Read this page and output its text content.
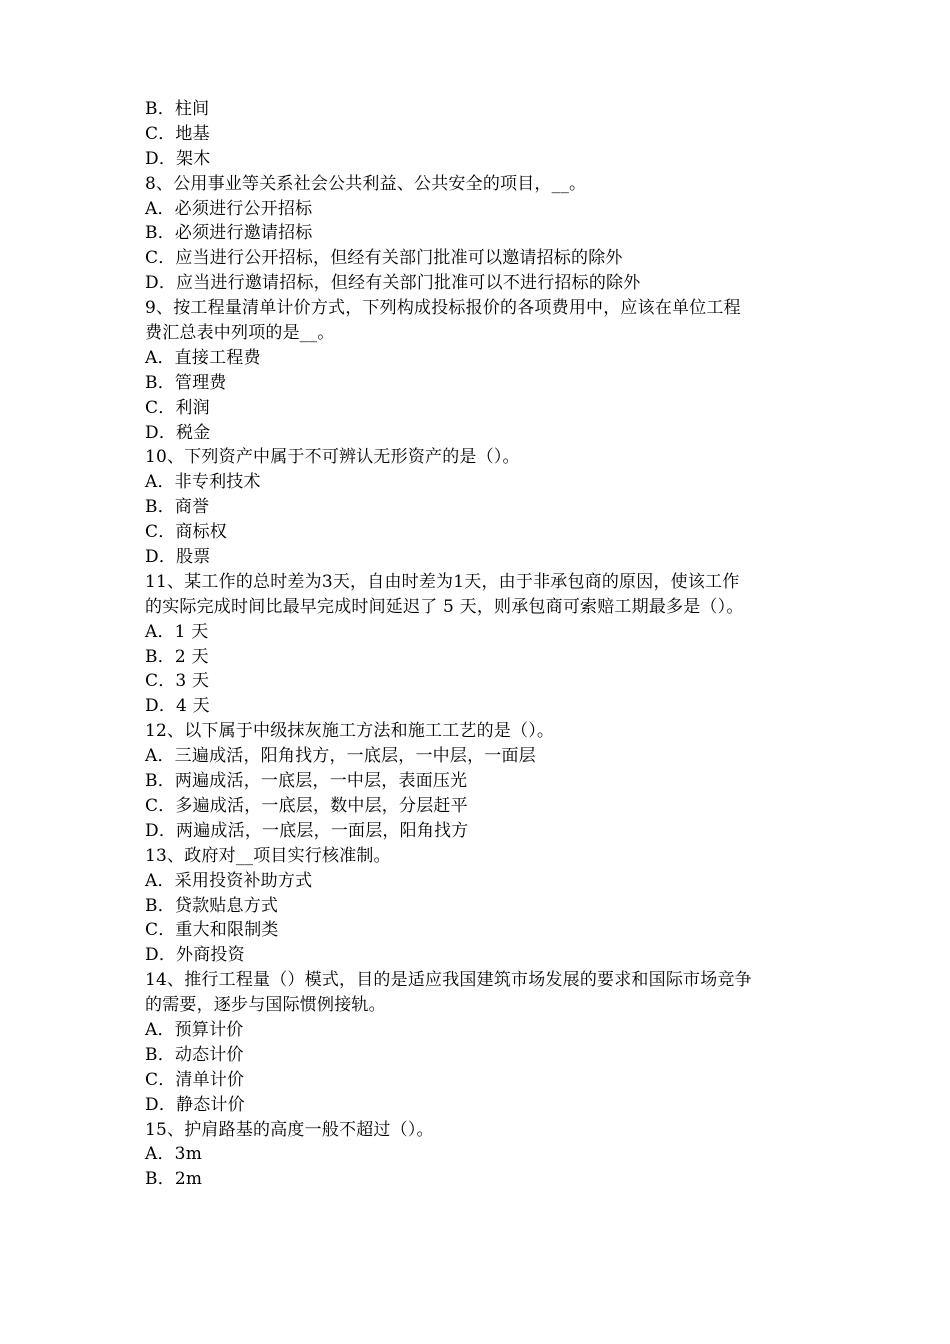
B．柱间
C．地基
D．架木
8、公用事业等关系社会公共利益、公共安全的项目，__。
A．必须进行公开招标
B．必须进行邀请招标
C．应当进行公开招标，但经有关部门批准可以邀请招标的除外
D．应当进行邀请招标，但经有关部门批准可以不进行招标的除外
9、按工程量清单计价方式，下列构成投标报价的各项费用中，应该在单位工程
费汇总表中列项的是__。
A．直接工程费
B．管理费
C．利润
D．税金
10、下列资产中属于不可辨认无形资产的是（）。
A．非专利技术
B．商誉
C．商标权
D．股票
11、某工作的总时差为3天，自由时差为1天，由于非承包商的原因，使该工作
的实际完成时间比最早完成时间延迟了 5 天，则承包商可索赔工期最多是（）。
A．1 天
B．2 天
C．3 天
D．4 天
12、以下属于中级抹灰施工方法和施工工艺的是（）。
A．三遍成活，阳角找方，一底层，一中层，一面层
B．两遍成活，一底层，一中层，表面压光
C．多遍成活，一底层，数中层，分层赶平
D．两遍成活，一底层，一面层，阳角找方
13、政府对__项目实行核准制。
A．采用投资补助方式
B．贷款贴息方式
C．重大和限制类
D．外商投资
14、推行工程量（）模式，目的是适应我国建筑市场发展的要求和国际市场竞争
的需要，逐步与国际惯例接轨。
A．预算计价
B．动态计价
C．清单计价
D．静态计价
15、护肩路基的高度一般不超过（）。
A．3m
B．2m
